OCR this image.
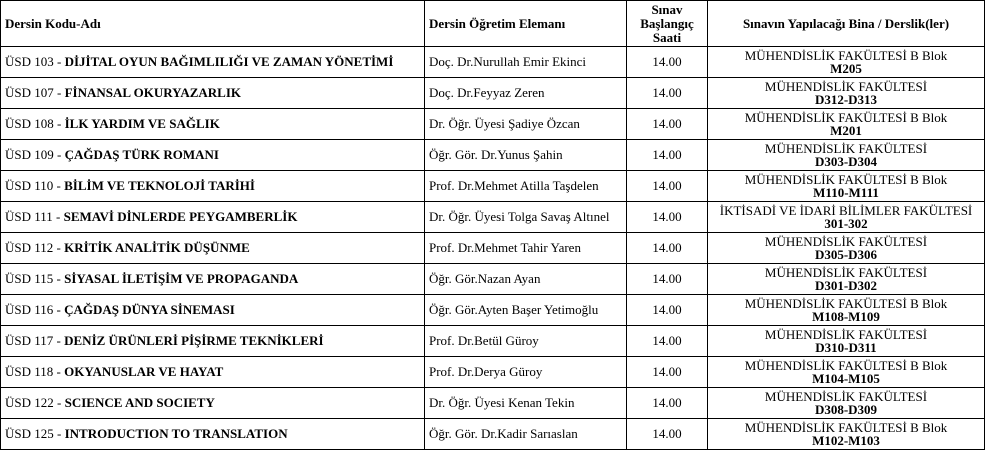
Dersin Kodu-Adı	Dersin Öğretim Elemanı	Sınav
Başlangıç
Saati	Sınavın Yapılacağı Bina / Derslik(ler)
ÜSD 103 - DİJİTAL OYUN BAĞIMLILIĞI VE ZAMAN YÖNETİMİ	Doç. Dr.Nurullah Emir Ekinci	14.00	MÜHENDİSLİK FAKÜLTESİ B Blok
M205

ÜSD 107 - FİNANSAL OKURYAZARLIK	Doç. Dr.Feyyaz Zeren	14.00	MÜHENDİSLİK FAKÜLTESİ
D312-D313

ÜSD 108 - İLK YARDIM VE SAĞLIK	Dr. Öğr. Üyesi Şadiye Özcan	14.00	MÜHENDİSLİK FAKÜLTESİ B Blok
M201

ÜSD 109 - ÇAĞDAŞ TÜRK ROMANI	Öğr. Gör. Dr.Yunus Şahin	14.00	MÜHENDİSLİK FAKÜLTESİ
D303-D304

ÜSD 110 - BİLİM VE TEKNOLOJİ TARİHİ	Prof. Dr.Mehmet Atilla Taşdelen	14.00	MÜHENDİSLİK FAKÜLTESİ B Blok
M110-M111

ÜSD 111 - SEMAVİ DİNLERDE PEYGAMBERLİK	Dr. Öğr. Üyesi Tolga Savaş Altınel	14.00	İKTİSADİ VE İDARİ BİLİMLER FAKÜLTESİ
301-302

ÜSD 112 - KRİTİK ANALİTİK DÜŞÜNME	Prof. Dr.Mehmet Tahir Yaren	14.00	MÜHENDİSLİK FAKÜLTESİ
D305-D306

ÜSD 115 - SİYASAL İLETİŞİM VE PROPAGANDA	Öğr. Gör.Nazan Ayan	14.00	MÜHENDİSLİK FAKÜLTESİ
D301-D302

ÜSD 116 - ÇAĞDAŞ DÜNYA SİNEMASI	Öğr. Gör.Ayten Başer Yetimoğlu	14.00	MÜHENDİSLİK FAKÜLTESİ B Blok
M108-M109

ÜSD 117 - DENİZ ÜRÜNLERİ PİŞİRME TEKNİKLERİ	Prof. Dr.Betül Güroy	14.00	MÜHENDİSLİK FAKÜLTESİ
D310-D311

ÜSD 118 - OKYANUSLAR VE HAYAT	Prof. Dr.Derya Güroy	14.00	MÜHENDİSLİK FAKÜLTESİ B Blok
M104-M105

ÜSD 122 - SCIENCE AND SOCIETY	Dr. Öğr. Üyesi Kenan Tekin	14.00	MÜHENDİSLİK FAKÜLTESİ
D308-D309

ÜSD 125 - INTRODUCTION TO TRANSLATION	Öğr. Gör. Dr.Kadir Sarıaslan	14.00	MÜHENDİSLİK FAKÜLTESİ B Blok
M102-M103
